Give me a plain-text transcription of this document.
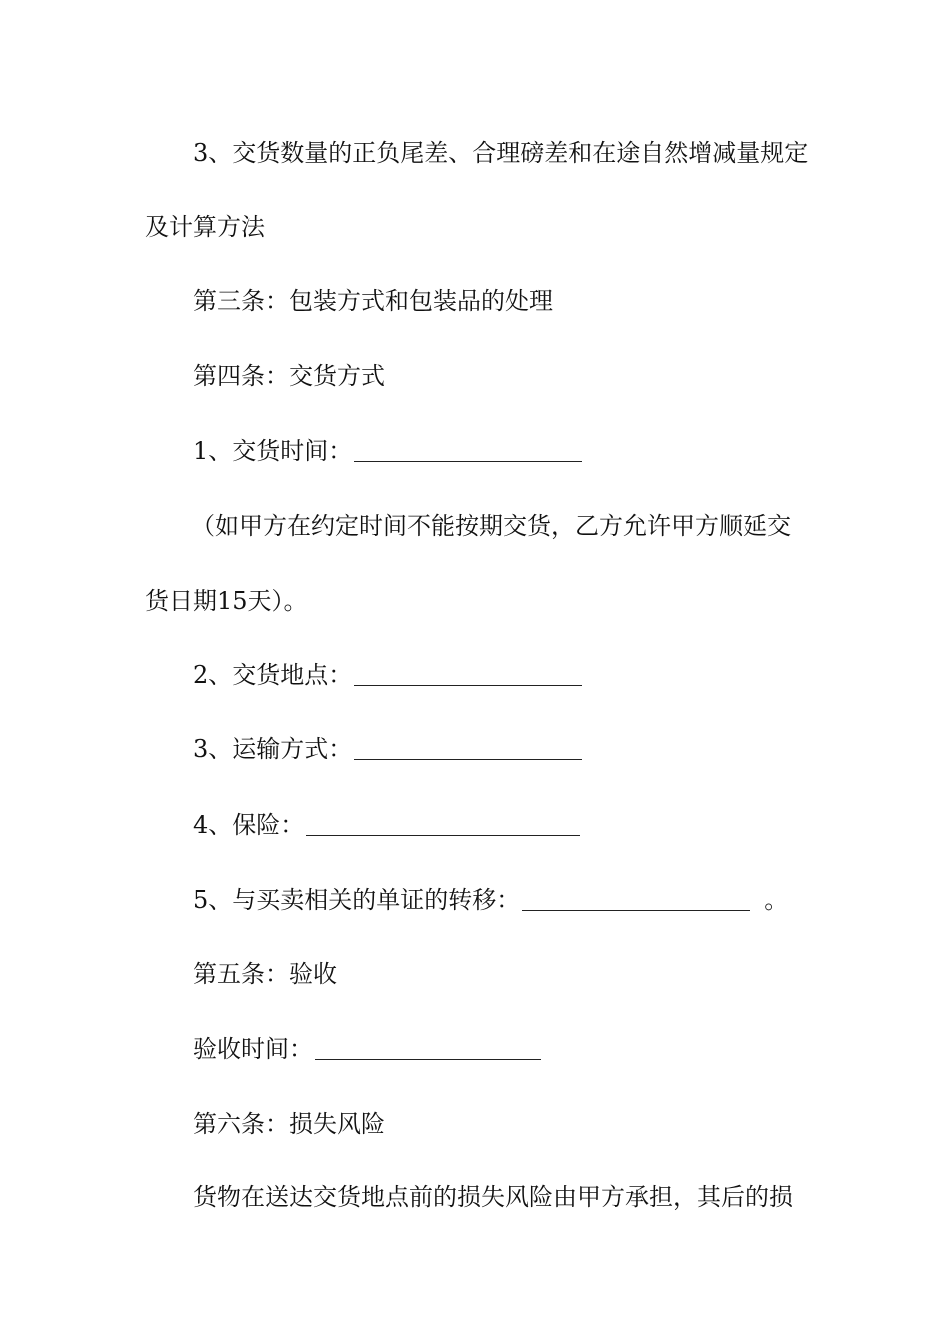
3、交货数量的正负尾差、合理磅差和在途自然增减量规定
及计算方法
第三条：包装方式和包装品的处理
第四条：交货方式
1、交货时间：
（如甲方在约定时间不能按期交货，乙方允许甲方顺延交
货日期15天）。
2、交货地点：
3、运输方式：
4、保险：
5、与买卖相关的单证的转移：	。
第五条：验收
验收时间：
第六条：损失风险
货物在送达交货地点前的损失风险由甲方承担，其后的损
